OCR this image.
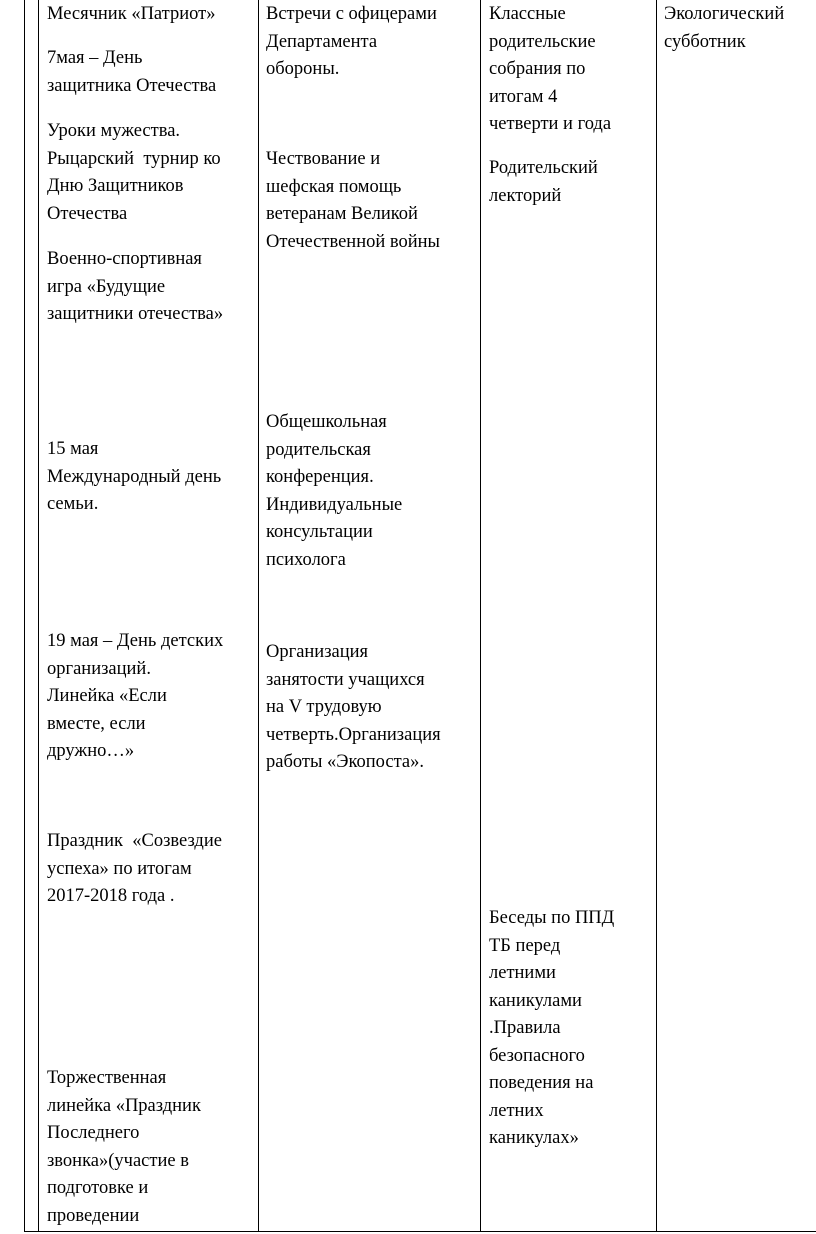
Месячник «Патриот»
7мая – День
защитника Отечества
Уроки мужества.
Рыцарский  турнир ко
Дню Защитников
Отечества
Военно-спортивная
игра «Будущие
защитники отечества»
15 мая
Международный день
семьи.
19 мая – День детских
организаций.
Линейка «Если
вместе, если
дружно…»
Праздник  «Созвездие
успеха» по итогам
2017-2018 года .
Торжественная
линейка «Праздник
Последнего
звонка»(участие в
подготовке и
проведении
Встречи с офицерами
Департамента
обороны.
Чествование и
шефская помощь
ветеранам Великой
Отечественной войны
Общешкольная
родительская
конференция.
Индивидуальные
консультации
психолога
Организация
занятости учащихся
на V трудовую
четверть.Организация
работы «Экопоста».
Классные
родительские
собрания по
итогам 4
четверти и года
Родительский
лекторий
Беседы по ППД
ТБ перед
летними
каникулами
.Правила
безопасного
поведения на
летних
каникулах»
Экологический
субботник
